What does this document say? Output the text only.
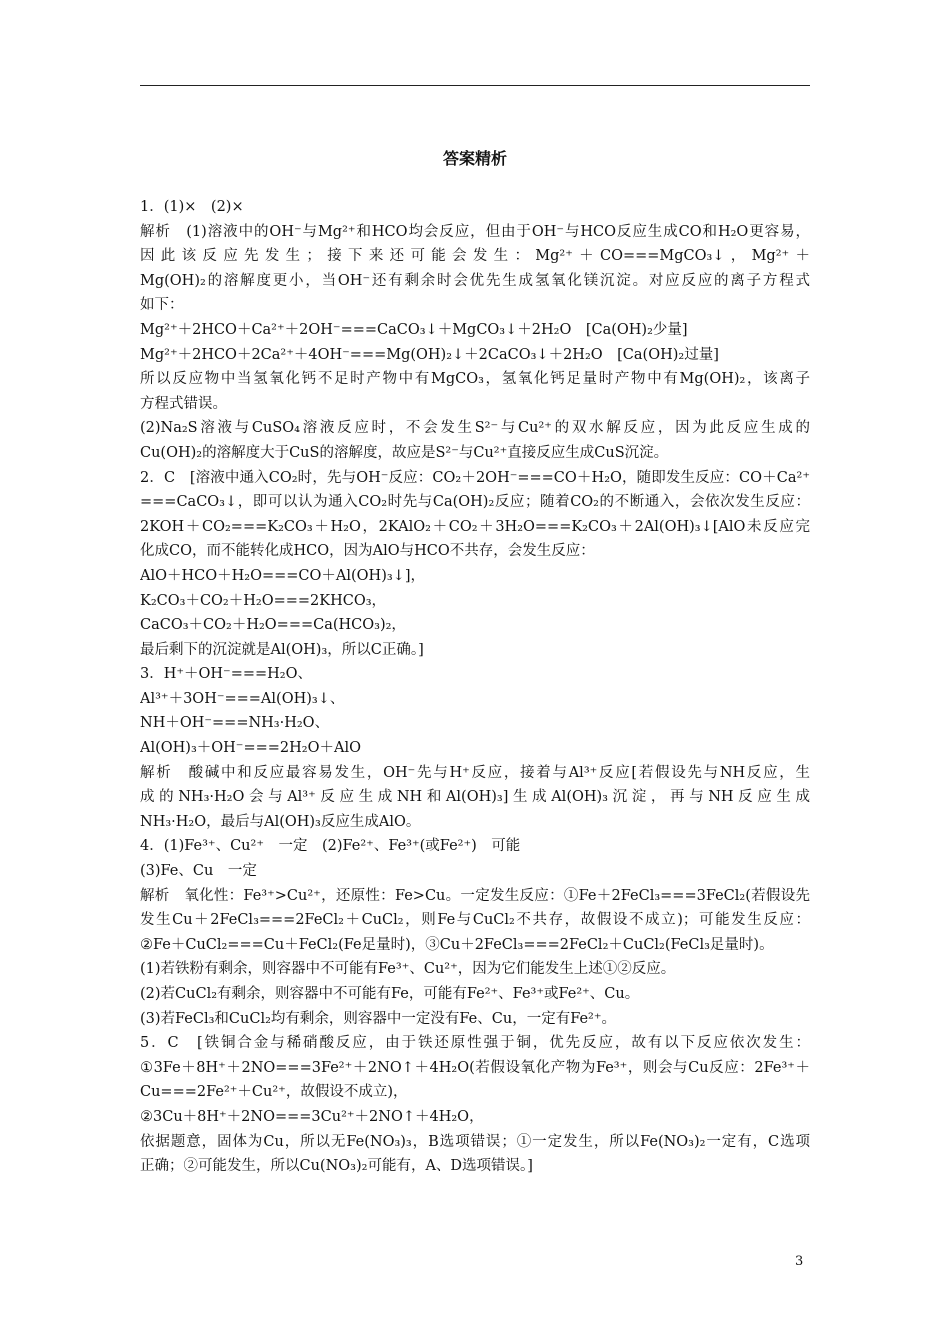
答案精析
1．(1)×　(2)×
解析　(1)溶液中的OH⁻与Mg²⁺和HCO均会反应，但由于OH⁻与HCO反应生成CO和H₂O更容易，
因此该反应先发生；接下来还可能会发生：Mg²⁺＋CO===MgCO₃↓，Mg²⁺＋
Mg(OH)₂的溶解度更小，当OH⁻还有剩余时会优先生成氢氧化镁沉淀。对应反应的离子方程式
如下：
Mg²⁺＋2HCO＋Ca²⁺＋2OH⁻===CaCO₃↓＋MgCO₃↓＋2H₂O　[Ca(OH)₂少量]
Mg²⁺＋2HCO＋2Ca²⁺＋4OH⁻===Mg(OH)₂↓＋2CaCO₃↓＋2H₂O　[Ca(OH)₂过量]
所以反应物中当氢氧化钙不足时产物中有MgCO₃，氢氧化钙足量时产物中有Mg(OH)₂，该离子
方程式错误。
(2)Na₂S溶液与CuSO₄溶液反应时，不会发生S²⁻与Cu²⁺的双水解反应，因为此反应生成的
Cu(OH)₂的溶解度大于CuS的溶解度，故应是S²⁻与Cu²⁺直接反应生成CuS沉淀。
2．C　[溶液中通入CO₂时，先与OH⁻反应：CO₂＋2OH⁻===CO＋H₂O，随即发生反应：CO＋Ca²⁺
===CaCO₃↓，即可以认为通入CO₂时先与Ca(OH)₂反应；随着CO₂的不断通入，会依次发生反应：
2KOH＋CO₂===K₂CO₃＋H₂O，2KAlO₂＋CO₂＋3H₂O===K₂CO₃＋2Al(OH)₃↓[AlO未反应完
化成CO，而不能转化成HCO，因为AlO与HCO不共存，会发生反应：
AlO＋HCO＋H₂O===CO＋Al(OH)₃↓]，
K₂CO₃＋CO₂＋H₂O===2KHCO₃，
CaCO₃＋CO₂＋H₂O===Ca(HCO₃)₂，
最后剩下的沉淀就是Al(OH)₃，所以C正确。]
3．H⁺＋OH⁻===H₂O、
Al³⁺＋3OH⁻===Al(OH)₃↓、
NH＋OH⁻===NH₃·H₂O、
Al(OH)₃＋OH⁻===2H₂O＋AlO
解析　酸碱中和反应最容易发生，OH⁻先与H⁺反应，接着与Al³⁺反应[若假设先与NH反应，生
成的NH₃·H₂O会与Al³⁺反应生成NH和Al(OH)₃]生成Al(OH)₃沉淀，再与NH反应生成
NH₃·H₂O，最后与Al(OH)₃反应生成AlO。
4．(1)Fe³⁺、Cu²⁺　一定　(2)Fe²⁺、Fe³⁺(或Fe²⁺)　可能
(3)Fe、Cu　一定
解析　氧化性：Fe³⁺>Cu²⁺，还原性：Fe>Cu。一定发生反应：①Fe＋2FeCl₃===3FeCl₂(若假设先
发生Cu＋2FeCl₃===2FeCl₂＋CuCl₂，则Fe与CuCl₂不共存，故假设不成立)；可能发生反应：
②Fe＋CuCl₂===Cu＋FeCl₂(Fe足量时)，③Cu＋2FeCl₃===2FeCl₂＋CuCl₂(FeCl₃足量时)。
(1)若铁粉有剩余，则容器中不可能有Fe³⁺、Cu²⁺，因为它们能发生上述①②反应。
(2)若CuCl₂有剩余，则容器中不可能有Fe，可能有Fe²⁺、Fe³⁺或Fe²⁺、Cu。
(3)若FeCl₃和CuCl₂均有剩余，则容器中一定没有Fe、Cu，一定有Fe²⁺。
5．C　[铁铜合金与稀硝酸反应，由于铁还原性强于铜，优先反应，故有以下反应依次发生：
①3Fe＋8H⁺＋2NO===3Fe²⁺＋2NO↑＋4H₂O(若假设氧化产物为Fe³⁺，则会与Cu反应：2Fe³⁺＋
Cu===2Fe²⁺＋Cu²⁺，故假设不成立)，
②3Cu＋8H⁺＋2NO===3Cu²⁺＋2NO↑＋4H₂O，
依据题意，固体为Cu，所以无Fe(NO₃)₃，B选项错误；①一定发生，所以Fe(NO₃)₂一定有，C选项
正确；②可能发生，所以Cu(NO₃)₂可能有，A、D选项错误。]
3
